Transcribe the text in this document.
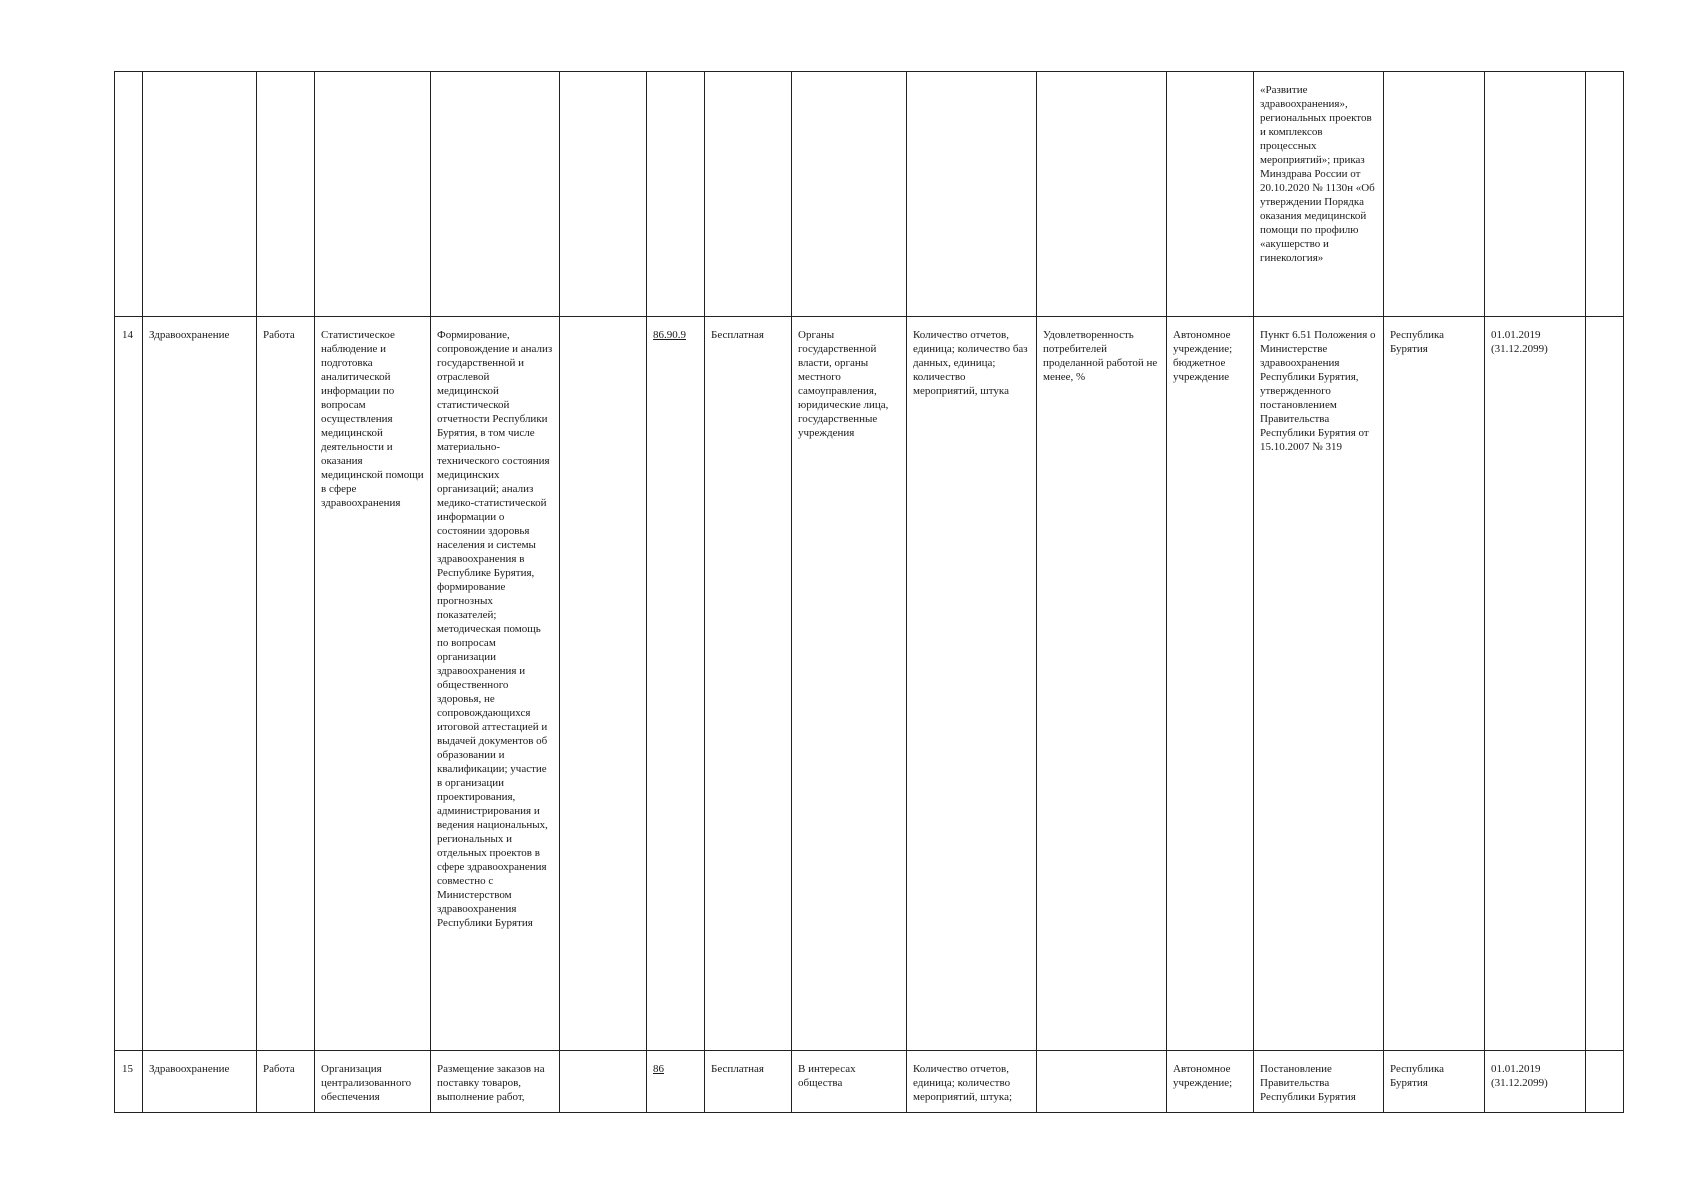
												«Развитие здравоохранения», региональных проектов и комплексов процессных мероприятий»; приказ Минздрава России от 20.10.2020 № 1130н «Об утверждении Порядка оказания медицинской помощи по профилю «акушерство и гинекология»			
14	Здравоохранение	Работа	Статистическое наблюдение и подготовка аналитической информации по вопросам осуществления медицинской деятельности и оказания медицинской помощи в сфере здравоохранения	Формирование, сопровождение и анализ государственной и отраслевой медицинской статистической отчетности Республики Бурятия, в том числе материально-технического состояния медицинских организаций; анализ медико-статистической информации о состоянии здоровья населения и системы здравоохранения в Республике Бурятия, формирование прогнозных показателей; методическая помощь по вопросам организации здравоохранения и общественного здоровья, не сопровождающихся итоговой аттестацией и выдачей документов об образовании и квалификации; участие в организации проектирования, администрирования и ведения национальных, региональных и отдельных проектов в сфере здравоохранения совместно с Министерством здравоохранения Республики Бурятия		86.90.9	Бесплатная	Органы государственной власти, органы местного самоуправления, юридические лица, государственные учреждения	Количество отчетов, единица; количество баз данных, единица; количество мероприятий, штука	Удовлетворенность потребителей проделанной работой не менее, %	Автономное учреждение; бюджетное учреждение	Пункт 6.51 Положения о Министерстве здравоохранения Республики Бурятия, утвержденного постановлением Правительства Республики Бурятия от 15.10.2007 № 319	Республика Бурятия	01.01.2019 (31.12.2099)	
15	Здравоохранение	Работа	Организация централизованного обеспечения	Размещение заказов на поставку товаров, выполнение работ,		86	Бесплатная	В интересах общества	Количество отчетов, единица; количество мероприятий, штука;		Автономное учреждение;	Постановление Правительства Республики Бурятия	Республика Бурятия	01.01.2019 (31.12.2099)	
